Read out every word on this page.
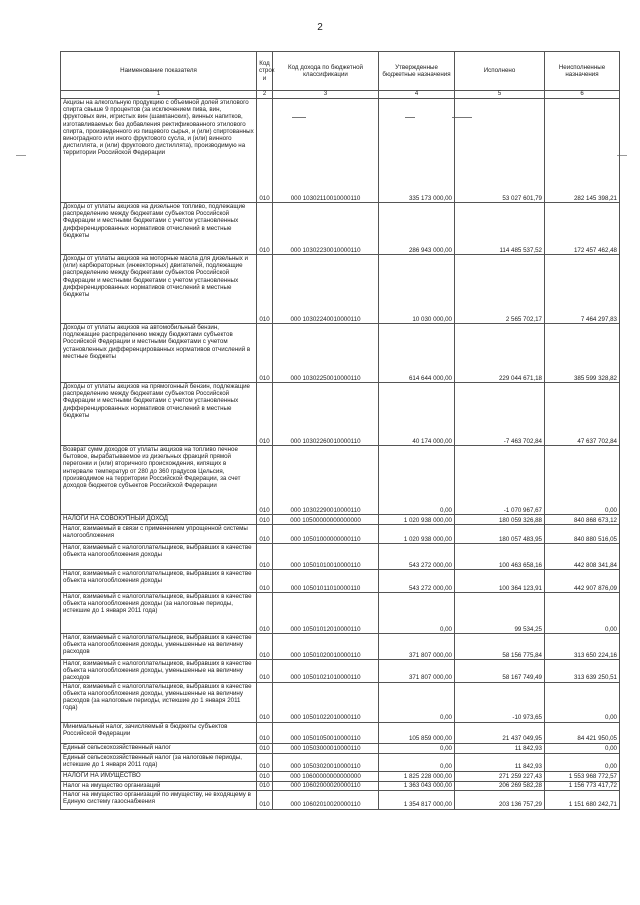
2
Наименование показателя	Код строк и	Код дохода по бюджетной классификации	Утвержденные бюджетные назначения	Исполнено	Неисполненные назначения
1	2	3	4	5	6
Акцизы на алкогольную продукцию с объемной долей этилового спирта свыше 9 процентов (за исключением пива, вин, фруктовых вин, игристых вин (шампанских), винных напитков, изготавливаемых без добавления ректификованного этилового спирта, произведенного из пищевого сырья, и (или) спиртованных виноградного или иного фруктового сусла, и (или) винного дистиллята, и (или) фруктового дистиллята), производимую на территории Российской Федерации	010	000 10302110010000110	335 173 000,00	53 027 601,79	282 145 398,21
Доходы от уплаты акцизов на дизельное топливо, подлежащие распределению между бюджетами субъектов Российской Федерации и местными бюджетами с учетом установленных дифференцированных нормативов отчислений в местные бюджеты	010	000 10302230010000110	286 943 000,00	114 485 537,52	172 457 462,48
Доходы от уплаты акцизов на моторные масла для дизельных и (или) карбюраторных (инжекторных) двигателей, подлежащие распределению между бюджетами субъектов Российской Федерации и местными бюджетами с учетом установленных дифференцированных нормативов отчислений в местные бюджеты	010	000 10302240010000110	10 030 000,00	2 565 702,17	7 464 297,83
Доходы от уплаты акцизов на автомобильный бензин, подлежащие распределению между бюджетами субъектов Российской Федерации и местными бюджетами с учетом установленных дифференцированных нормативов отчислений в местные бюджеты	010	000 10302250010000110	614 644 000,00	229 044 671,18	385 599 328,82
Доходы от уплаты акцизов на прямогонный бензин, подлежащие распределению между бюджетами субъектов Российской Федерации и местными бюджетами с учетом установленных дифференцированных нормативов отчислений в местные бюджеты	010	000 10302260010000110	40 174 000,00	-7 463 702,84	47 637 702,84
Возврат сумм доходов от уплаты акцизов на топливо печное бытовое, вырабатываемое из дизельных фракций прямой перегонки и (или) вторичного происхождения, кипящих в интервале температур от 280 до 360 градусов Цельсия, производимое на территории Российской Федерации, за счет доходов бюджетов субъектов Российской Федерации	010	000 10302290010000110	0,00	-1 070 967,67	0,00
НАЛОГИ НА СОВОКУПНЫЙ ДОХОД	010	000 10500000000000000	1 020 938 000,00	180 059 326,88	840 868 673,12
Налог, взимаемый в связи с применением упрощенной системы налогообложения	010	000 10501000000000110	1 020 938 000,00	180 057 483,95	840 880 516,05
Налог, взимаемый с налогоплательщиков, выбравших в качестве объекта налогообложения доходы	010	000 10501010010000110	543 272 000,00	100 463 658,16	442 808 341,84
Налог, взимаемый с налогоплательщиков, выбравших в качестве объекта налогообложения доходы	010	000 10501011010000110	543 272 000,00	100 364 123,91	442 907 876,09
Налог, взимаемый с налогоплательщиков, выбравших в качестве объекта налогообложения доходы (за налоговые периоды, истекшие до 1 января 2011 года)	010	000 10501012010000110	0,00	99 534,25	0,00
Налог, взимаемый с налогоплательщиков, выбравших в качестве объекта налогообложения доходы, уменьшенные на величину расходов	010	000 10501020010000110	371 807 000,00	58 156 775,84	313 650 224,16
Налог, взимаемый с налогоплательщиков, выбравших в качестве объекта налогообложения доходы, уменьшенные на величину расходов	010	000 10501021010000110	371 807 000,00	58 167 749,49	313 639 250,51
Налог, взимаемый с налогоплательщиков, выбравших в качестве объекта налогообложения доходы, уменьшенные на величину расходов (за налоговые периоды, истекшие до 1 января 2011 года)	010	000 10501022010000110	0,00	-10 973,65	0,00
Минимальный налог, зачисляемый в бюджеты субъектов Российской Федерации	010	000 10501050010000110	105 859 000,00	21 437 049,95	84 421 950,05
Единый сельскохозяйственный налог	010	000 10503000010000110	0,00	11 842,93	0,00
Единый сельскохозяйственный налог (за налоговые периоды, истекшие до 1 января 2011 года)	010	000 10503020010000110	0,00	11 842,93	0,00
НАЛОГИ НА ИМУЩЕСТВО	010	000 10600000000000000	1 825 228 000,00	271 259 227,43	1 553 968 772,57
Налог на имущество организаций	010	000 10602000020000110	1 363 043 000,00	206 269 582,28	1 156 773 417,72
Налог на имущество организаций по имуществу, не входящему в Единую систему газоснабжения	010	000 10602010020000110	1 354 817 000,00	203 136 757,29	1 151 680 242,71
